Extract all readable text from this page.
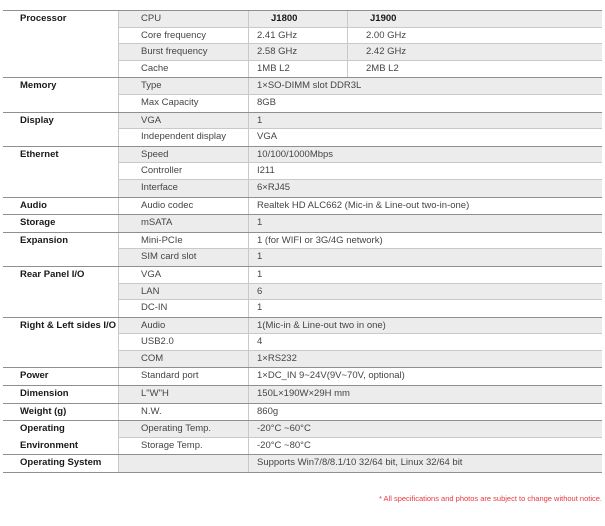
Processor	CPU	J1800	J1900
Core frequency	2.41 GHz	2.00 GHz
Burst frequency	2.58 GHz	2.42 GHz
Cache	1MB L2	2MB L2
Memory	Type	1×SO-DIMM slot DDR3L
Max Capacity	8GB
Display	VGA	1
Independent display	VGA
Ethernet	Speed	10/100/1000Mbps
Controller	I211
Interface	6×RJ45
Audio	Audio codec	Realtek HD ALC662 (Mic-in & Line-out two-in-one)
Storage	mSATA	1
Expansion	Mini-PCIe	1 (for WIFI or 3G/4G network)
SIM card slot	1
Rear Panel I/O	VGA	1
LAN	6
DC-IN	1
Right & Left sides I/O	Audio	1(Mic-in & Line-out two in one)
USB2.0	4
COM	1×RS232
Power	Standard port	1×DC_IN 9~24V(9V~70V, optional)
Dimension	L"W"H	150L×190W×29H mm
Weight (g)	N.W.	860g
Operating	Operating Temp.	-20°C ~60°C
Environment	Storage Temp.	-20°C ~80°C
Operating System	Supports Win7/8/8.1/10 32/64 bit, Linux 32/64 bit
* All specifications and photos are subject to change without notice.
